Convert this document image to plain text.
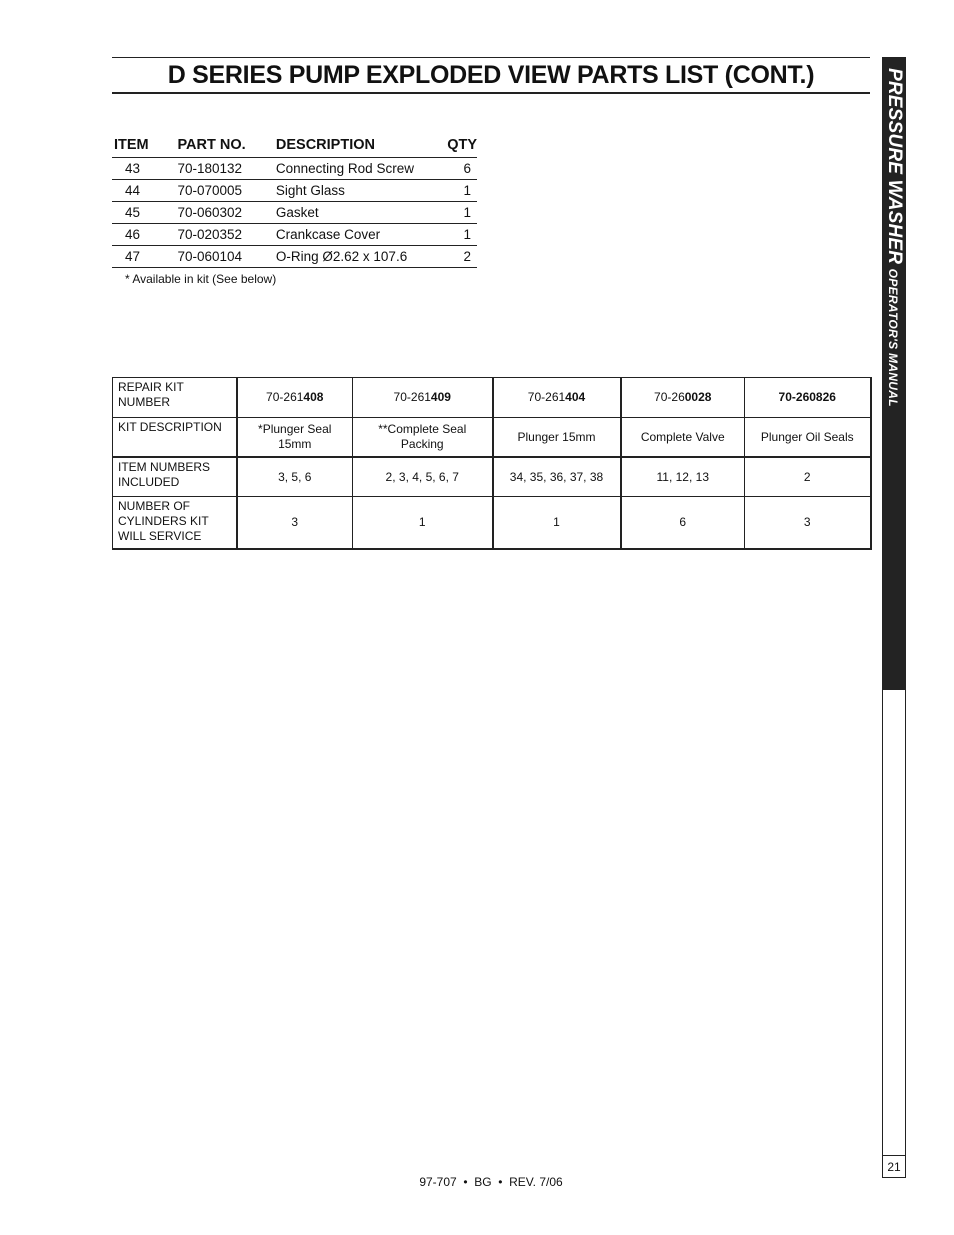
D SERIES PUMP EXPLODED VIEW PARTS LIST (CONT.)	PRESSURE WASHER OPERATOR'S MANUAL
21
ITEM	PART NO.	DESCRIPTION	QTY
43	70-180132	Connecting Rod Screw	6
44	70-070005	Sight Glass	1
45	70-060302	Gasket	1
46	70-020352	Crankcase Cover	1
47	70-060104	O-Ring Ø2.62 x 107.6	2
* Available in kit (See below)
REPAIR KIT NUMBER	70-261408	70-261409	70-261404	70-260028	70-260826
KIT DESCRIPTION	*Plunger Seal 15mm	**Complete Seal Packing	Plunger 15mm	Complete Valve	Plunger Oil Seals
ITEM NUMBERS INCLUDED	3, 5, 6	2, 3, 4, 5, 6, 7	34, 35, 36, 37, 38	11, 12, 13	2
NUMBER OF CYLINDERS KIT WILL SERVICE	3	1	1	6	3
97-707  •  BG  •  REV. 7/06
